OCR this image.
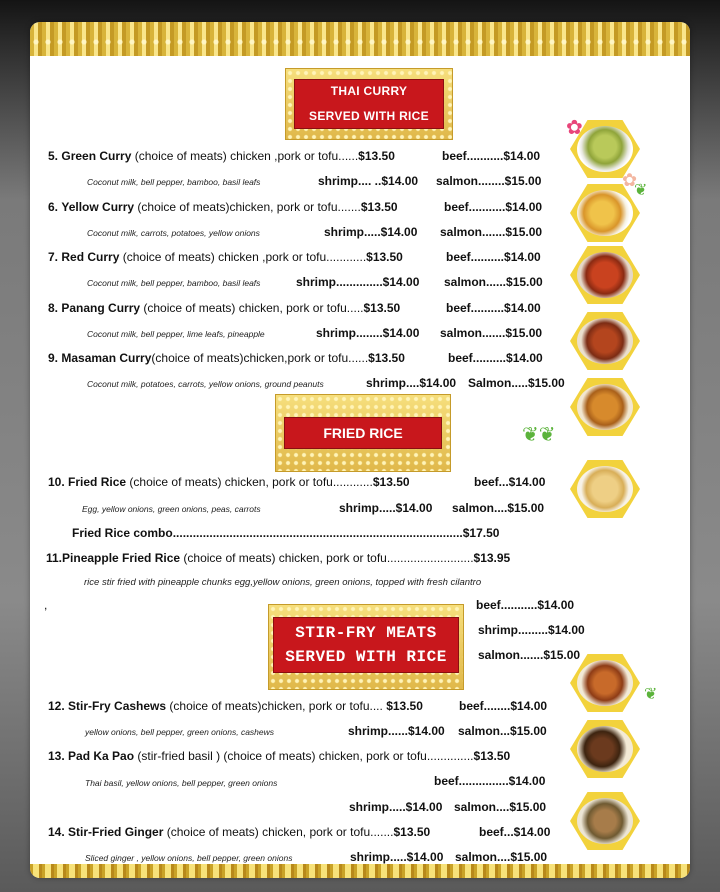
THAI CURRY
SERVED WITH RICE
5. Green Curry (choice of meats) chicken ,pork or tofu......$13.50	beef...........$14.00
Coconut milk, bell pepper, bamboo, basil leafs	shrimp.... ..$14.00 salmon........$15.00
6. Yellow Curry (choice of meats)chicken, pork or tofu.......$13.50	beef...........$14.00
Coconut milk, carrots, potatoes, yellow onions	shrimp.....$14.00 salmon.......$15.00
7. Red Curry (choice of meats) chicken ,pork or tofu............$13.50	beef..........$14.00
Coconut milk, bell pepper, bamboo, basil leafs	shrimp..............$14.00 salmon......$15.00
8. Panang Curry (choice of meats) chicken, pork or tofu.....$13.50	beef..........$14.00
Coconut milk, bell pepper, lime leafs, pineapple	shrimp........$14.00 salmon.......$15.00
9. Masaman Curry(choice of meats)chicken,pork or tofu......$13.50	beef..........$14.00
Coconut milk, potatoes, carrots, yellow onions, ground peanuts	shrimp....$14.00 Salmon.....$15.00
FRIED RICE
10. Fried Rice (choice of meats) chicken, pork or tofu............$13.50	beef...$14.00
Egg, yellow onions, green onions, peas, carrots	shrimp.....$14.00 salmon....$15.00
Fried Rice combo.......................................................................................$17.50
11.Pineapple Fried Rice (choice of meats) chicken, pork or tofu..........................$13.95
rice stir fried with pineapple chunks egg,yellow onions, green onions, topped with fresh cilantro
,	beef...........$14.00
shrimp.........$14.00
salmon.......$15.00
STIR-FRY MEATS
SERVED WITH RICE
12. Stir-Fry Cashews (choice of meats)chicken, pork or tofu.... $13.50	beef........$14.00
yellow onions, bell pepper, green onions, cashews	shrimp......$14.00 salmon...$15.00
13. Pad Ka Pao (stir-fried basil ) (choice of meats) chicken, pork or tofu..............$13.50
Thai basil, yellow onions, bell pepper, green onions	beef...............$14.00
shrimp.....$14.00 salmon....$15.00
14. Stir-Fried Ginger (choice of meats) chicken, pork or tofu.......$13.50	beef...$14.00
Sliced ginger , yellow onions, bell pepper, green onions	shrimp.....$14.00 salmon....$15.00
✿
✿
❦
❦❦
❦
menupix
